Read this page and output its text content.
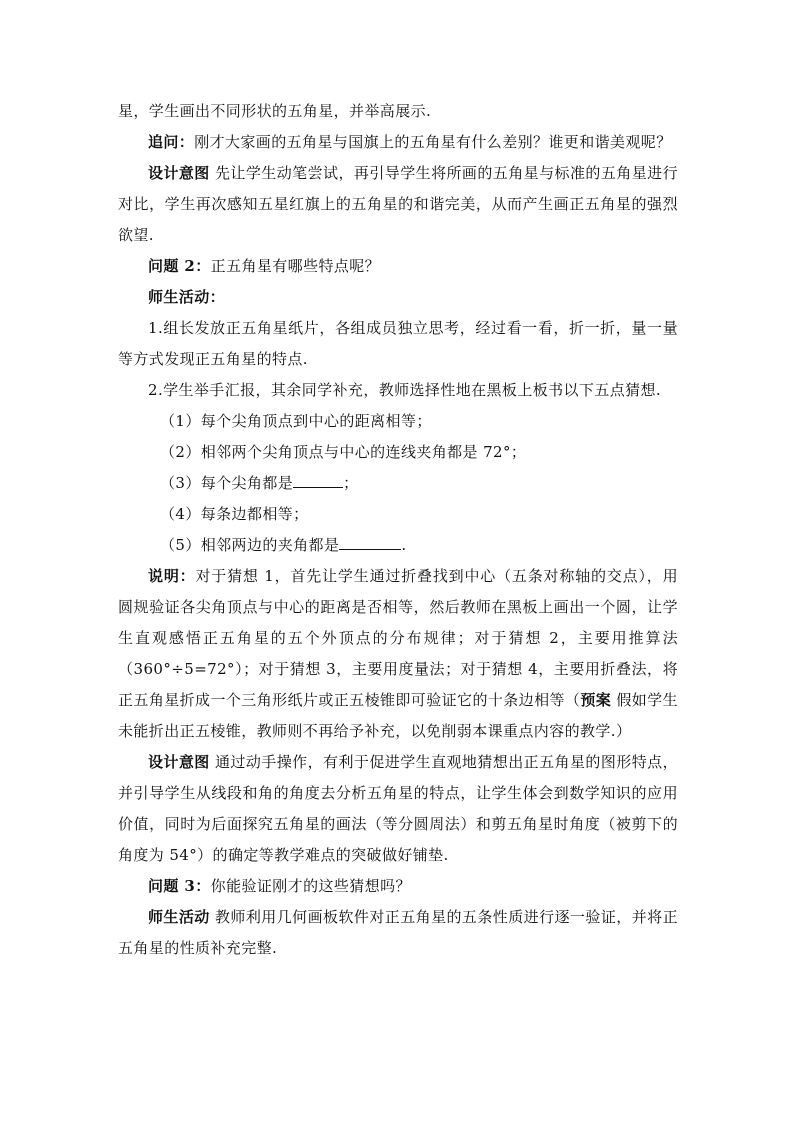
星，学生画出不同形状的五角星，并举高展示.

追问：刚才大家画的五角星与国旗上的五角星有什么差别？谁更和谐美观呢？

设计意图 先让学生动笔尝试，再引导学生将所画的五角星与标准的五角星进行对比，学生再次感知五星红旗上的五角星的和谐完美，从而产生画正五角星的强烈欲望.

问题 2：正五角星有哪些特点呢？

师生活动：

1.组长发放正五角星纸片，各组成员独立思考，经过看一看，折一折，量一量等方式发现正五角星的特点.

2.学生举手汇报，其余同学补充，教师选择性地在黑板上板书以下五点猜想.

（1）每个尖角顶点到中心的距离相等；

（2）相邻两个尖角顶点与中心的连线夹角都是 72°；

（3）每个尖角都是	；

（4）每条边都相等；

（5）相邻两边的夹角都是	.

说明：对于猜想 1，首先让学生通过折叠找到中心（五条对称轴的交点），用圆规验证各尖角顶点与中心的距离是否相等，然后教师在黑板上画出一个圆，让学生直观感悟正五角星的五个外顶点的分布规律；对于猜想 2，主要用推算法（360°÷5=72°）；对于猜想 3，主要用度量法；对于猜想 4，主要用折叠法，将正五角星折成一个三角形纸片或正五棱锥即可验证它的十条边相等（预案 假如学生未能折出正五棱锥，教师则不再给予补充，以免削弱本课重点内容的教学.）

设计意图 通过动手操作，有利于促进学生直观地猜想出正五角星的图形特点，并引导学生从线段和角的角度去分析五角星的特点，让学生体会到数学知识的应用价值，同时为后面探究五角星的画法（等分圆周法）和剪五角星时角度（被剪下的角度为 54°）的确定等教学难点的突破做好铺垫.

问题 3：你能验证刚才的这些猜想吗？

师生活动 教师利用几何画板软件对正五角星的五条性质进行逐一验证，并将正五角星的性质补充完整.
